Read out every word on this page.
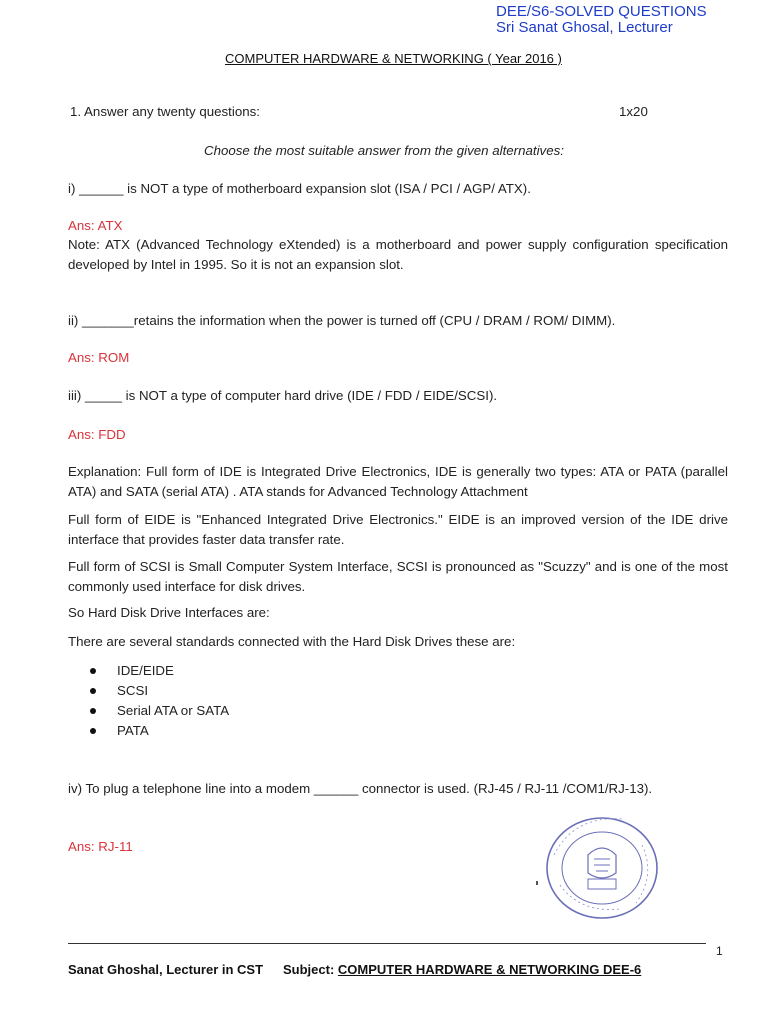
DEE/S6-SOLVED QUESTIONS
Sri Sanat Ghosal, Lecturer
COMPUTER HARDWARE & NETWORKING ( Year 2016 )
1. Answer any twenty questions:	1x20
Choose the most suitable answer from the given alternatives:
i) ______ is NOT a type of motherboard expansion slot (ISA / PCI / AGP/ ATX).
Ans: ATX
Note: ATX (Advanced Technology eXtended) is a motherboard and power supply configuration specification developed by Intel in 1995. So it is not an expansion slot.
ii) _______retains the information when the power is turned off (CPU / DRAM / ROM/ DIMM).
Ans: ROM
iii) _____ is NOT a type of computer hard drive (IDE / FDD / EIDE/SCSI).
Ans: FDD
Explanation: Full form of IDE is Integrated Drive Electronics, IDE is generally two types: ATA or PATA (parallel ATA) and SATA (serial ATA) . ATA stands for Advanced Technology Attachment
Full form of EIDE is "Enhanced Integrated Drive Electronics." EIDE is an improved version of the IDE drive interface that provides faster data transfer rate.
Full form of SCSI is Small Computer System Interface, SCSI is pronounced as "Scuzzy" and is one of the most commonly used interface for disk drives.
So Hard Disk Drive Interfaces are:
There are several standards connected with the Hard Disk Drives these are:
IDE/EIDE
SCSI
Serial ATA or SATA
PATA
iv) To plug a telephone line into a modem ______ connector is used. (RJ-45 / RJ-11 /COM1/RJ-13).
Ans: RJ-11
1
Sanat Ghoshal, Lecturer in CST Subject: COMPUTER HARDWARE & NETWORKING DEE-6
